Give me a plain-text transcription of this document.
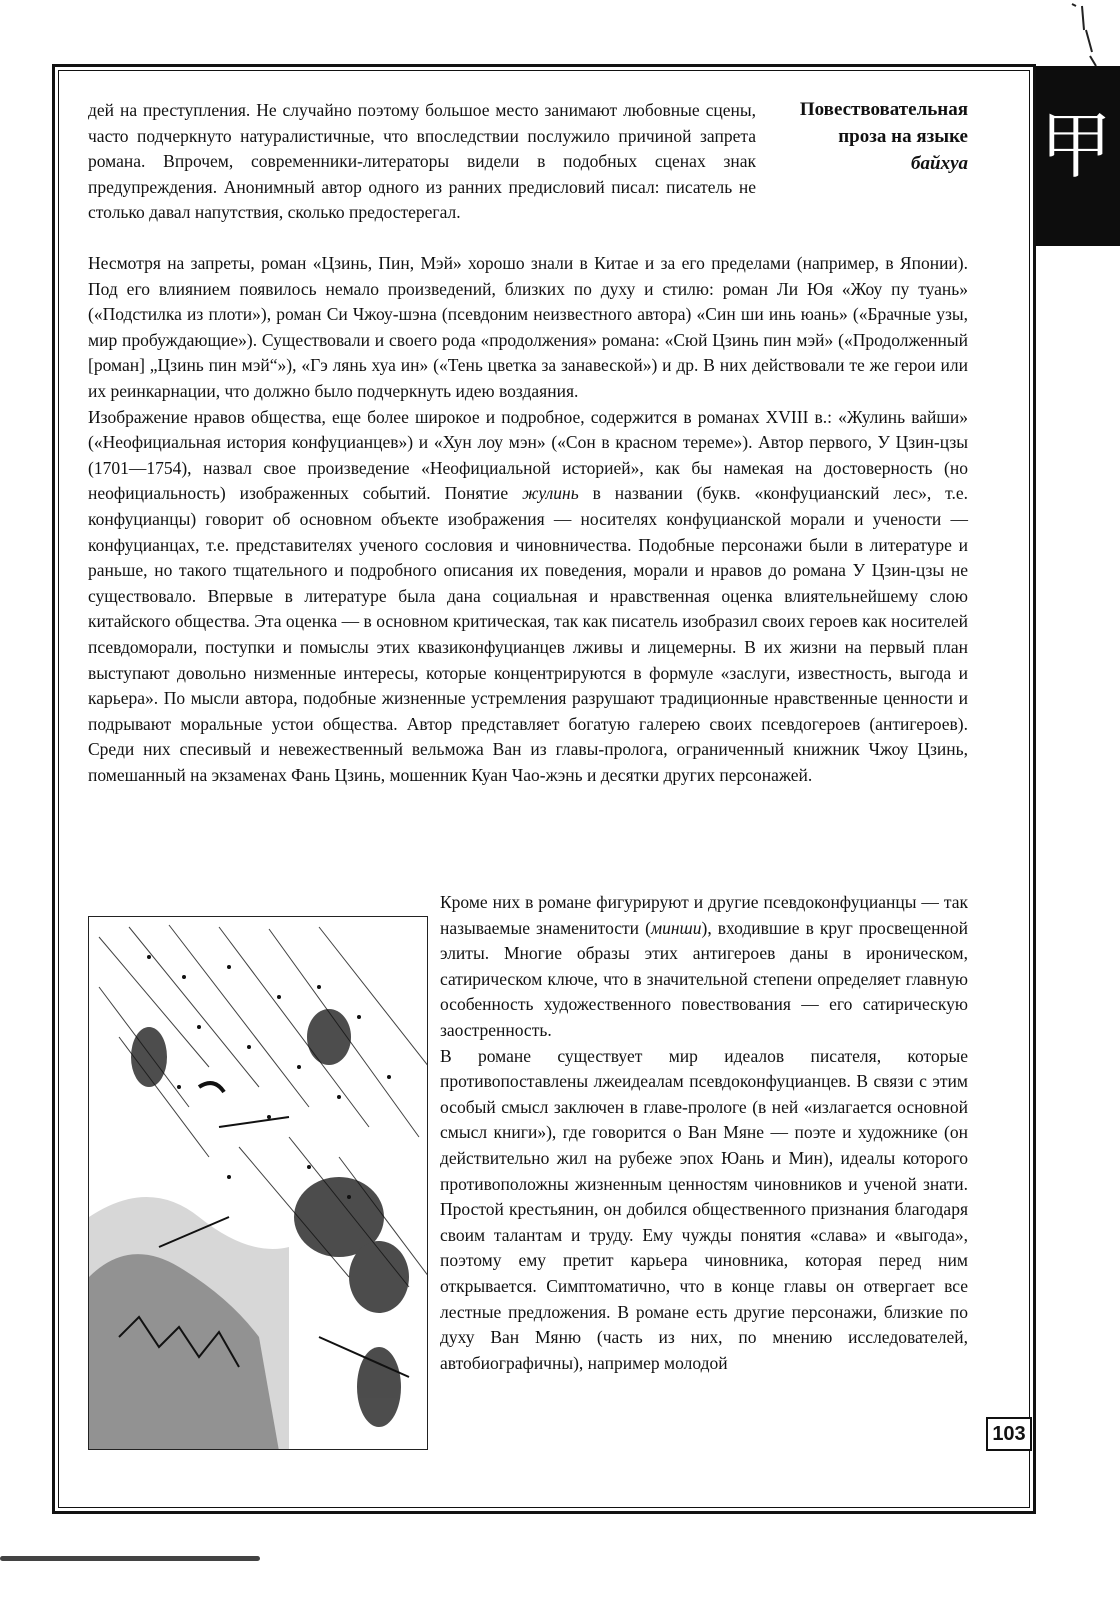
甲
Повествовательная
проза на языке
байхуа

дей на преступления. Не случайно поэтому большое место занимают любовные сцены, часто подчеркнуто натуралистичные, что впоследствии послужило причиной запрета романа. Впрочем, современники-литераторы видели в подобных сценах знак предупреждения. Анонимный автор одного из ранних предисловий писал: писатель не столько давал напутствия, сколько предостерегал.

Несмотря на запреты, роман «Цзинь, Пин, Мэй» хорошо знали в Китае и за его пределами (например, в Японии). Под его влиянием появилось немало произведений, близких по духу и стилю: роман Ли Юя «Жоу пу туань» («Подстилка из плоти»), роман Си Чжоу-шэна (псевдоним неизвестного автора) «Син ши инь юань» («Брачные узы, мир пробуждающие»). Существовали и своего рода «продолжения» романа: «Сюй Цзинь пин мэй» («Продолженный [роман] „Цзинь пин мэй“»), «Гэ лянь хуа ин» («Тень цветка за занавеской») и др. В них действовали те же герои или их реинкарнации, что должно было подчеркнуть идею воздаяния.

Изображение нравов общества, еще более широкое и подробное, содержится в романах XVIII в.: «Жулинь вайши» («Неофициальная история конфуцианцев») и «Хун лоу мэн» («Сон в красном тереме»). Автор первого, У Цзин-цзы (1701—1754), назвал свое произведение «Неофициальной историей», как бы намекая на достоверность (но неофициальность) изображенных событий. Понятие жулинь в названии (букв. «конфуцианский лес», т.е. конфуцианцы) говорит об основном объекте изображения — носителях конфуцианской морали и учености — конфуцианцах, т.е. представителях ученого сословия и чиновничества. Подобные персонажи были в литературе и раньше, но такого тщательного и подробного описания их поведения, морали и нравов до романа У Цзин-цзы не существовало. Впервые в литературе была дана социальная и нравственная оценка влиятельнейшему слою китайского общества. Эта оценка — в основном критическая, так как писатель изобразил своих героев как носителей псевдоморали, поступки и помыслы этих квазиконфуцианцев лживы и лицемерны. В их жизни на первый план выступают довольно низменные интересы, которые концентрируются в формуле «заслуги, известность, выгода и карьера». По мысли автора, подобные жизненные устремления разрушают традиционные нравственные ценности и подрывают моральные устои общества. Автор представляет богатую галерею своих псевдогероев (антигероев). Среди них спесивый и невежественный вельможа Ван из главы-пролога, ограниченный книжник Чжоу Цзинь, помешанный на экзаменах Фань Цзинь, мошенник Куан Чао-жэнь и десятки других персонажей.

Кроме них в романе фигурируют и другие псевдоконфуцианцы — так называемые знаменитости (миншu), входившие в круг просвещенной элиты. Многие образы этих антигероев даны в ироническом, сатирическом ключе, что в значительной степени определяет главную особенность художественного повествования — его сатирическую заостренность.

В романе существует мир идеалов писателя, которые противопоставлены лжеидеалам псевдоконфуцианцев. В связи с этим особый смысл заключен в главе-прологе (в ней «излагается основной смысл книги»), где говорится о Ван Мяне — поэте и художнике (он действительно жил на рубеже эпох Юань и Мин), идеалы которого противоположны жизненным ценностям чиновников и ученой знати. Простой крестьянин, он добился общественного признания благодаря своим талантам и труду. Ему чужды понятия «слава» и «выгода», поэтому ему претит карьера чиновника, которая перед ним открывается. Симптоматично, что в конце главы он отвергает все лестные предложения. В романе есть другие персонажи, близкие по духу Ван Мяню (часть из них, по мнению исследователей, автобиографичны), например молодой

103
